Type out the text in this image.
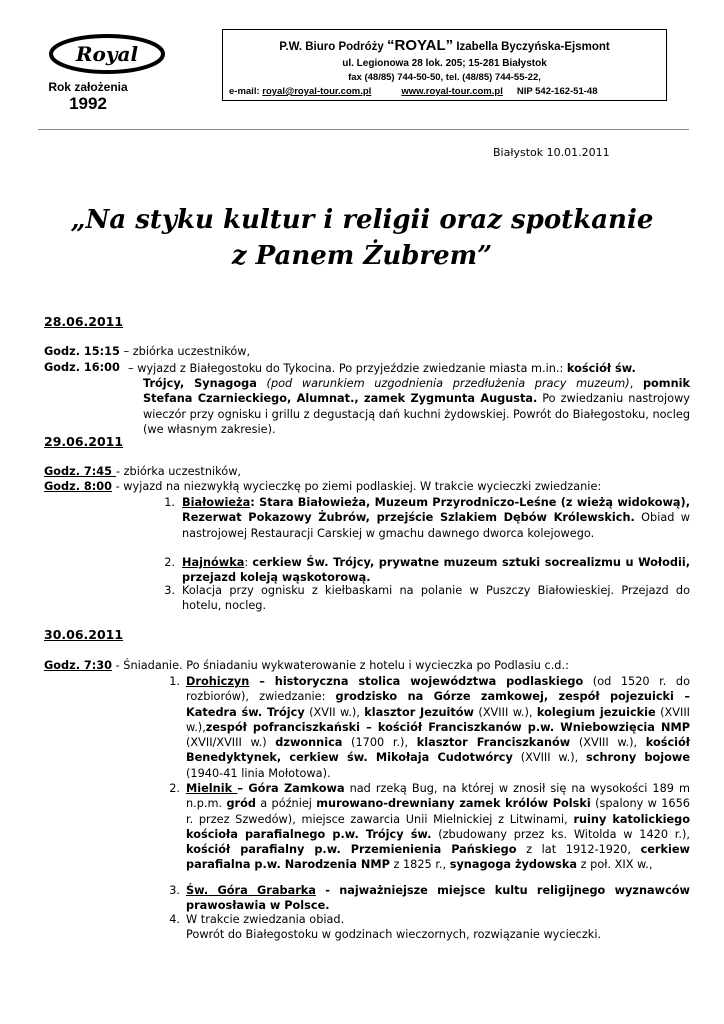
Royal
Rok założenia
1992
P.W. Biuro Podróży “ROYAL” Izabella Byczyńska-Ejsmont
ul. Legionowa 28 lok. 205; 15-281 Białystok
fax (48/85) 744-50-50, tel. (48/85) 744-55-22,
e-mail: royal@royal-tour.com.pl	www.royal-tour.com.pl NIP 542-162-51-48
Białystok 10.01.2011
„Na styku kultur i religii oraz spotkanie
z Panem Żubrem”
28.06.2011
Godz. 15:15 – zbiórka uczestników,
Godz. 16:00 – wyjazd z Białegostoku do Tykocina. Po przyjeździe zwiedzanie miasta m.in.: kościół św.
Trójcy, Synagoga (pod warunkiem uzgodnienia przedłużenia pracy muzeum), pomnik Stefana Czarnieckiego, Alumnat., zamek Zygmunta Augusta. Po zwiedzaniu nastrojowy wieczór przy ognisku i grillu z degustacją dań kuchni żydowskiej. Powrót do Białegostoku, nocleg (we własnym zakresie).
29.06.2011
Godz. 7:45 - zbiórka uczestników,
Godz. 8:00 - wyjazd na niezwykłą wycieczkę po ziemi podlaskiej. W trakcie wycieczki zwiedzanie:
1. Białowieża: Stara Białowieża, Muzeum Przyrodniczo-Leśne (z wieżą widokową), Rezerwat Pokazowy Żubrów, przejście Szlakiem Dębów Królewskich. Obiad w nastrojowej Restauracji Carskiej w gmachu dawnego dworca kolejowego.
2. Hajnówka: cerkiew Św. Trójcy, prywatne muzeum sztuki socrealizmu u Wołodii, przejazd koleją wąskotorową.
3. Kolacja przy ognisku z kiełbaskami na polanie w Puszczy Białowieskiej. Przejazd do hotelu, nocleg.
30.06.2011
Godz. 7:30 - Śniadanie. Po śniadaniu wykwaterowanie z hotelu i wycieczka po Podlasiu c.d.:
1. Drohiczyn – historyczna stolica województwa podlaskiego (od 1520 r. do rozbiorów), zwiedzanie: grodzisko na Górze zamkowej, zespół pojezuicki – Katedra św. Trójcy (XVII w.), klasztor Jezuitów (XVIII w.), kolegium jezuickie (XVIII w.),zespół pofranciszkański – kościół Franciszkanów p.w. Wniebowzięcia NMP (XVII/XVIII w.) dzwonnica (1700 r.), klasztor Franciszkanów (XVIII w.), kościół Benedyktynek, cerkiew św. Mikołaja Cudotwórcy (XVIII w.), schrony bojowe (1940-41 linia Mołotowa).
2. Mielnik – Góra Zamkowa nad rzeką Bug, na której w znosił się na wysokości 189 m n.p.m. gród a później murowano-drewniany zamek królów Polski (spalony w 1656 r. przez Szwedów), miejsce zawarcia Unii Mielnickiej z Litwinami, ruiny katolickiego kościoła parafialnego p.w. Trójcy św. (zbudowany przez ks. Witolda w 1420 r.), kościół parafialny p.w. Przemienienia Pańskiego z lat 1912-1920, cerkiew parafialna p.w. Narodzenia NMP z 1825 r., synagoga żydowska z poł. XIX w.,
3. Św. Góra Grabarka - najważniejsze miejsce kultu religijnego wyznawców prawosławia w Polsce.
4. W trakcie zwiedzania obiad.
Powrót do Białegostoku w godzinach wieczornych, rozwiązanie wycieczki.
